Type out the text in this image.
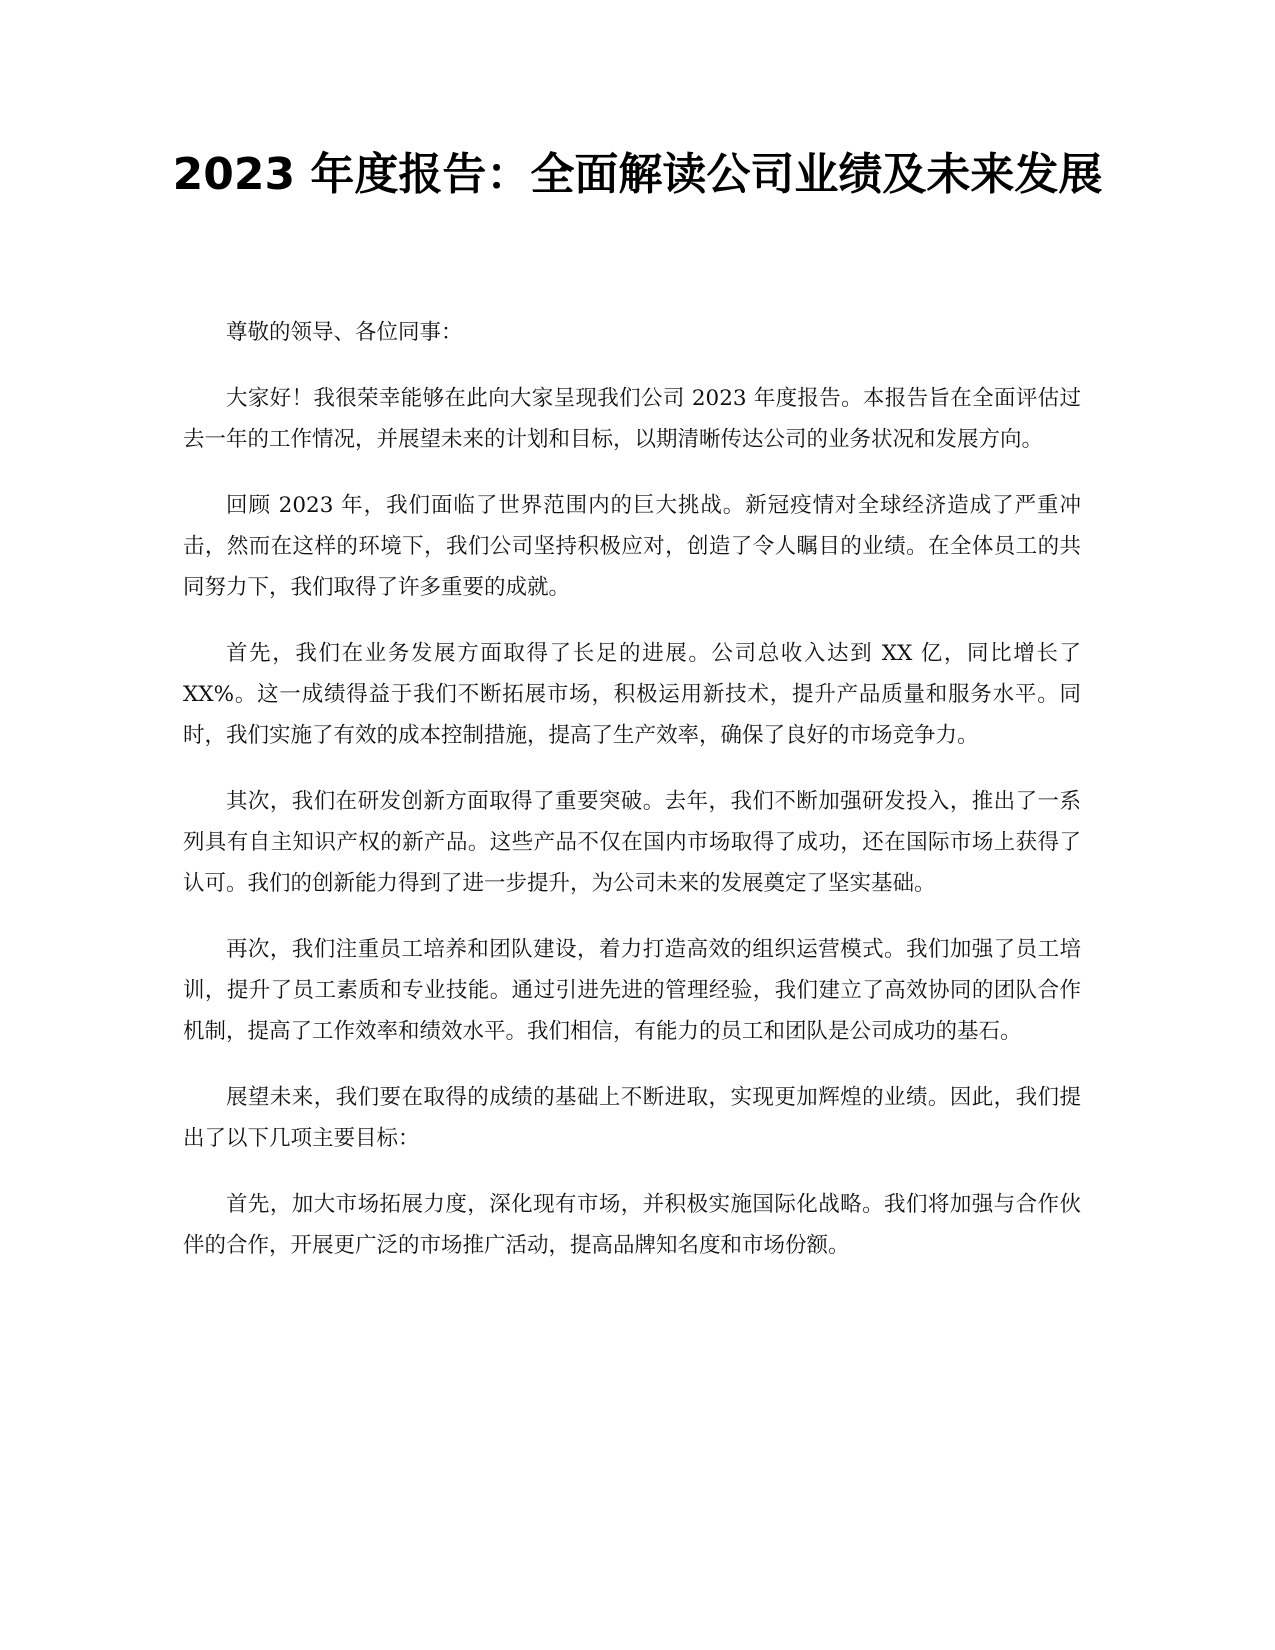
2023 年度报告：全面解读公司业绩及未来发展

尊敬的领导、各位同事：

大家好！我很荣幸能够在此向大家呈现我们公司 2023 年度报告。本报告旨在全面评估过去一年的工作情况，并展望未来的计划和目标，以期清晰传达公司的业务状况和发展方向。

回顾 2023 年，我们面临了世界范围内的巨大挑战。新冠疫情对全球经济造成了严重冲击，然而在这样的环境下，我们公司坚持积极应对，创造了令人瞩目的业绩。在全体员工的共同努力下，我们取得了许多重要的成就。

首先，我们在业务发展方面取得了长足的进展。公司总收入达到 XX 亿，同比增长了 XX%。这一成绩得益于我们不断拓展市场，积极运用新技术，提升产品质量和服务水平。同时，我们实施了有效的成本控制措施，提高了生产效率，确保了良好的市场竞争力。

其次，我们在研发创新方面取得了重要突破。去年，我们不断加强研发投入，推出了一系列具有自主知识产权的新产品。这些产品不仅在国内市场取得了成功，还在国际市场上获得了认可。我们的创新能力得到了进一步提升，为公司未来的发展奠定了坚实基础。

再次，我们注重员工培养和团队建设，着力打造高效的组织运营模式。我们加强了员工培训，提升了员工素质和专业技能。通过引进先进的管理经验，我们建立了高效协同的团队合作机制，提高了工作效率和绩效水平。我们相信，有能力的员工和团队是公司成功的基石。

展望未来，我们要在取得的成绩的基础上不断进取，实现更加辉煌的业绩。因此，我们提出了以下几项主要目标：

首先，加大市场拓展力度，深化现有市场，并积极实施国际化战略。我们将加强与合作伙伴的合作，开展更广泛的市场推广活动，提高品牌知名度和市场份额。
